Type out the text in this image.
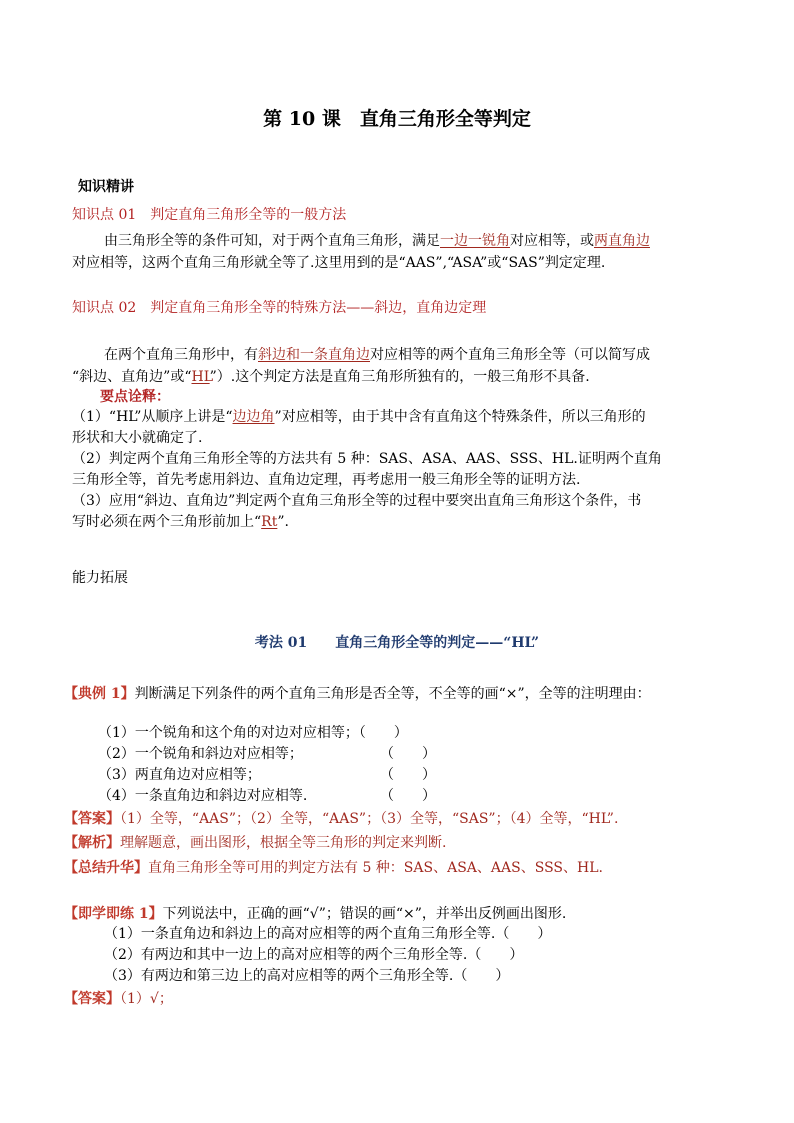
第 10 课　直角三角形全等判定
知识精讲
知识点 01　判定直角三角形全等的一般方法
由三角形全等的条件可知，对于两个直角三角形，满足一边一锐角对应相等，或两直角边
对应相等，这两个直角三角形就全等了.这里用到的是“AAS”,“ASA”或“SAS”判定定理.
知识点 02　判定直角三角形全等的特殊方法——斜边，直角边定理
在两个直角三角形中，有斜边和一条直角边对应相等的两个直角三角形全等（可以简写成
“斜边、直角边”或“HL”）.这个判定方法是直角三角形所独有的，一般三角形不具备.
要点诠释：
（1）“HL”从顺序上讲是“边边角”对应相等，由于其中含有直角这个特殊条件，所以三角形的
形状和大小就确定了.
（2）判定两个直角三角形全等的方法共有 5 种：SAS、ASA、AAS、SSS、HL.证明两个直角
三角形全等，首先考虑用斜边、直角边定理，再考虑用一般三角形全等的证明方法.
（3）应用“斜边、直角边”判定两个直角三角形全等的过程中要突出直角三角形这个条件，书
写时必须在两个三角形前加上“Rt”.
能力拓展
考法 01　　直角三角形全等的判定——“HL”
【典例 1】判断满足下列条件的两个直角三角形是否全等，不全等的画“×”，全等的注明理由：
（1）一个锐角和这个角的对边对应相等；（　　）
（2）一个锐角和斜边对应相等；	（　　）
（3）两直角边对应相等；	（　　）
（4）一条直角边和斜边对应相等.	（　　）
【答案】（1）全等，“AAS”；（2）全等，“AAS”；（3）全等，“SAS”；（4）全等，“HL”.
【解析】理解题意，画出图形，根据全等三角形的判定来判断.
【总结升华】直角三角形全等可用的判定方法有 5 种：SAS、ASA、AAS、SSS、HL.
【即学即练 1】下列说法中，正确的画“√”；错误的画“×”，并举出反例画出图形.
（1）一条直角边和斜边上的高对应相等的两个直角三角形全等.（　　）
（2）有两边和其中一边上的高对应相等的两个三角形全等.（　　）
（3）有两边和第三边上的高对应相等的两个三角形全等.（　　）
【答案】（1）√；
